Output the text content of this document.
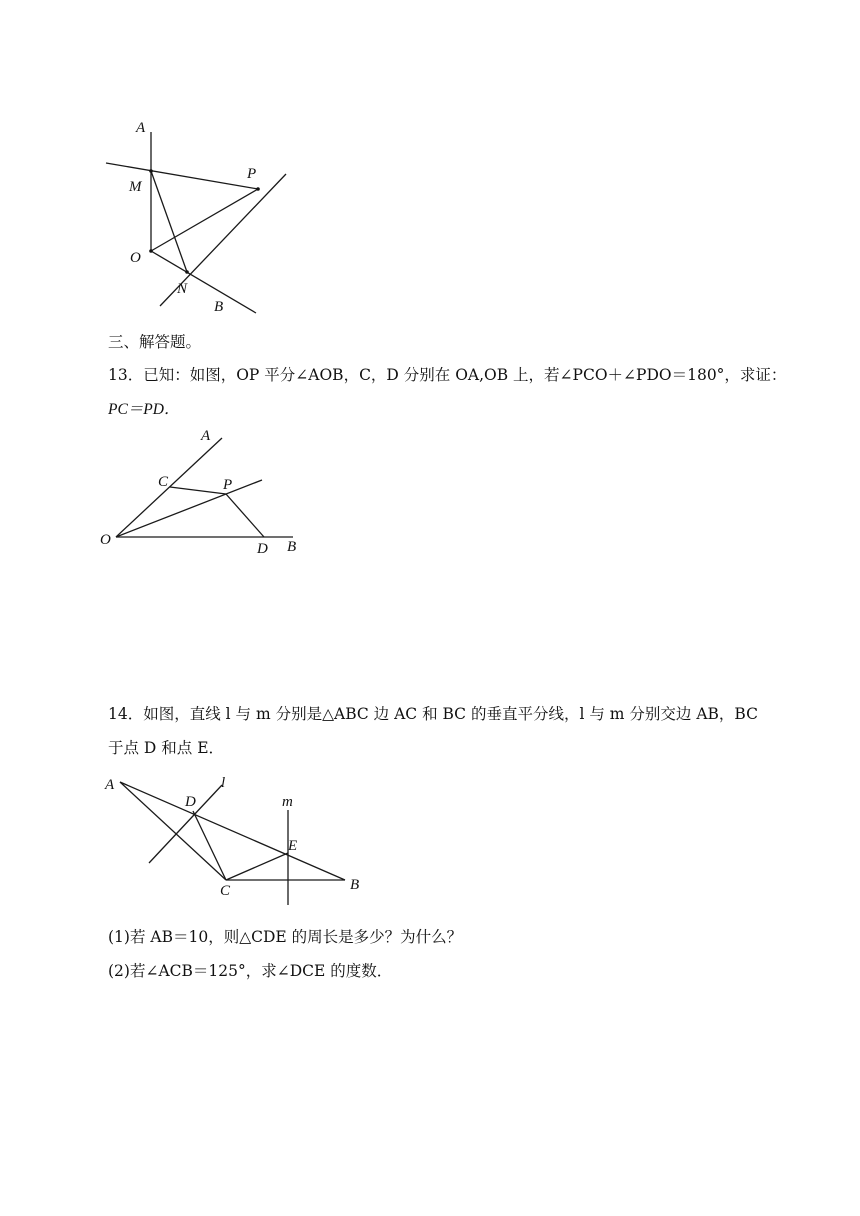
A
M
P
O
N
B
三、解答题。
13．已知：如图，OP 平分∠AOB，C，D 分别在 OA,OB 上，若∠PCO＋∠PDO＝180°，求证：
PC＝PD．
A
C	P
O
D B
14．如图，直线 l 与 m 分别是△ABC 边 AC 和 BC 的垂直平分线，l 与 m 分别交边 AB，BC
于点 D 和点 E．
A
D
l
m
E
C	B
(1)若 AB＝10，则△CDE 的周长是多少？为什么？
(2)若∠ACB＝125°，求∠DCE 的度数．
